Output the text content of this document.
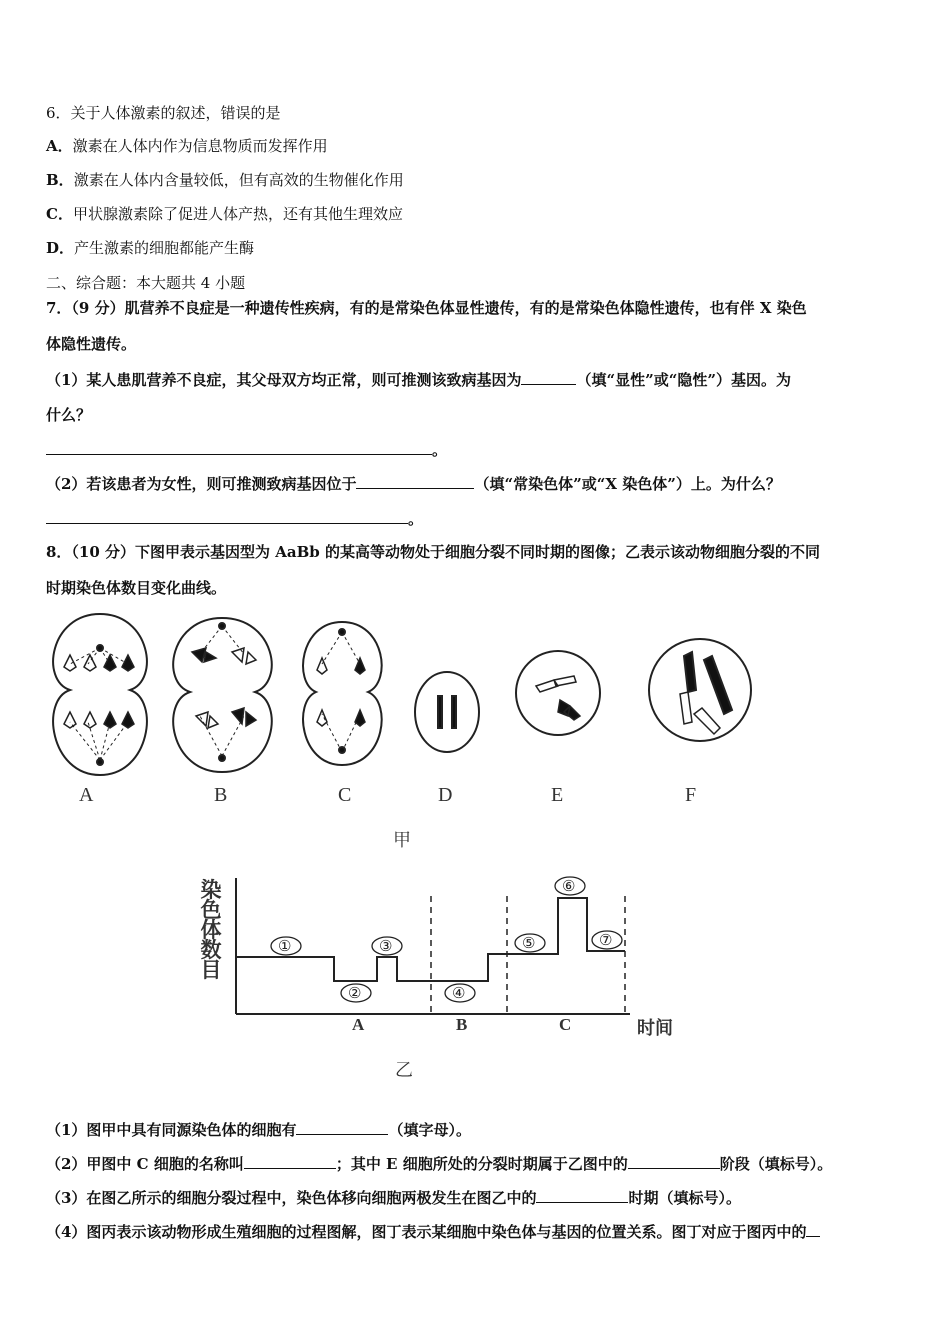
6．关于人体激素的叙述，错误的是
A．激素在人体内作为信息物质而发挥作用
B．激素在人体内含量较低，但有高效的生物催化作用
C．甲状腺激素除了促进人体产热，还有其他生理效应
D．产生激素的细胞都能产生酶
二、综合题：本大题共 4 小题
7．（9 分）肌营养不良症是一种遗传性疾病，有的是常染色体显性遗传，有的是常染色体隐性遗传，也有伴 X 染色
体隐性遗传。
（1）某人患肌营养不良症，其父母双方均正常，则可推测该致病基因为	（填“显性”或“隐性”）基因。为
什么？
。
（2）若该患者为女性，则可推测致病基因位于	（填“常染色体”或“X 染色体”）上。为什么？
。
8．（10 分）下图甲表示基因型为 AaBb 的某高等动物处于细胞分裂不同时期的图像；乙表示该动物细胞分裂的不同
时期染色体数目变化曲线。
A	B	C	D	E	F
甲
染
色
体
数
目
①
②
③
④
⑤
⑥
⑦
A	B	C	时间
乙
（1）图甲中具有同源染色体的细胞有	（填字母）。
（2）甲图中 C 细胞的名称叫	；其中 E 细胞所处的分裂时期属于乙图中的	阶段（填标号）。
（3）在图乙所示的细胞分裂过程中，染色体移向细胞两极发生在图乙中的	时期（填标号）。
（4）图丙表示该动物形成生殖细胞的过程图解，图丁表示某细胞中染色体与基因的位置关系。图丁对应于图丙中的
